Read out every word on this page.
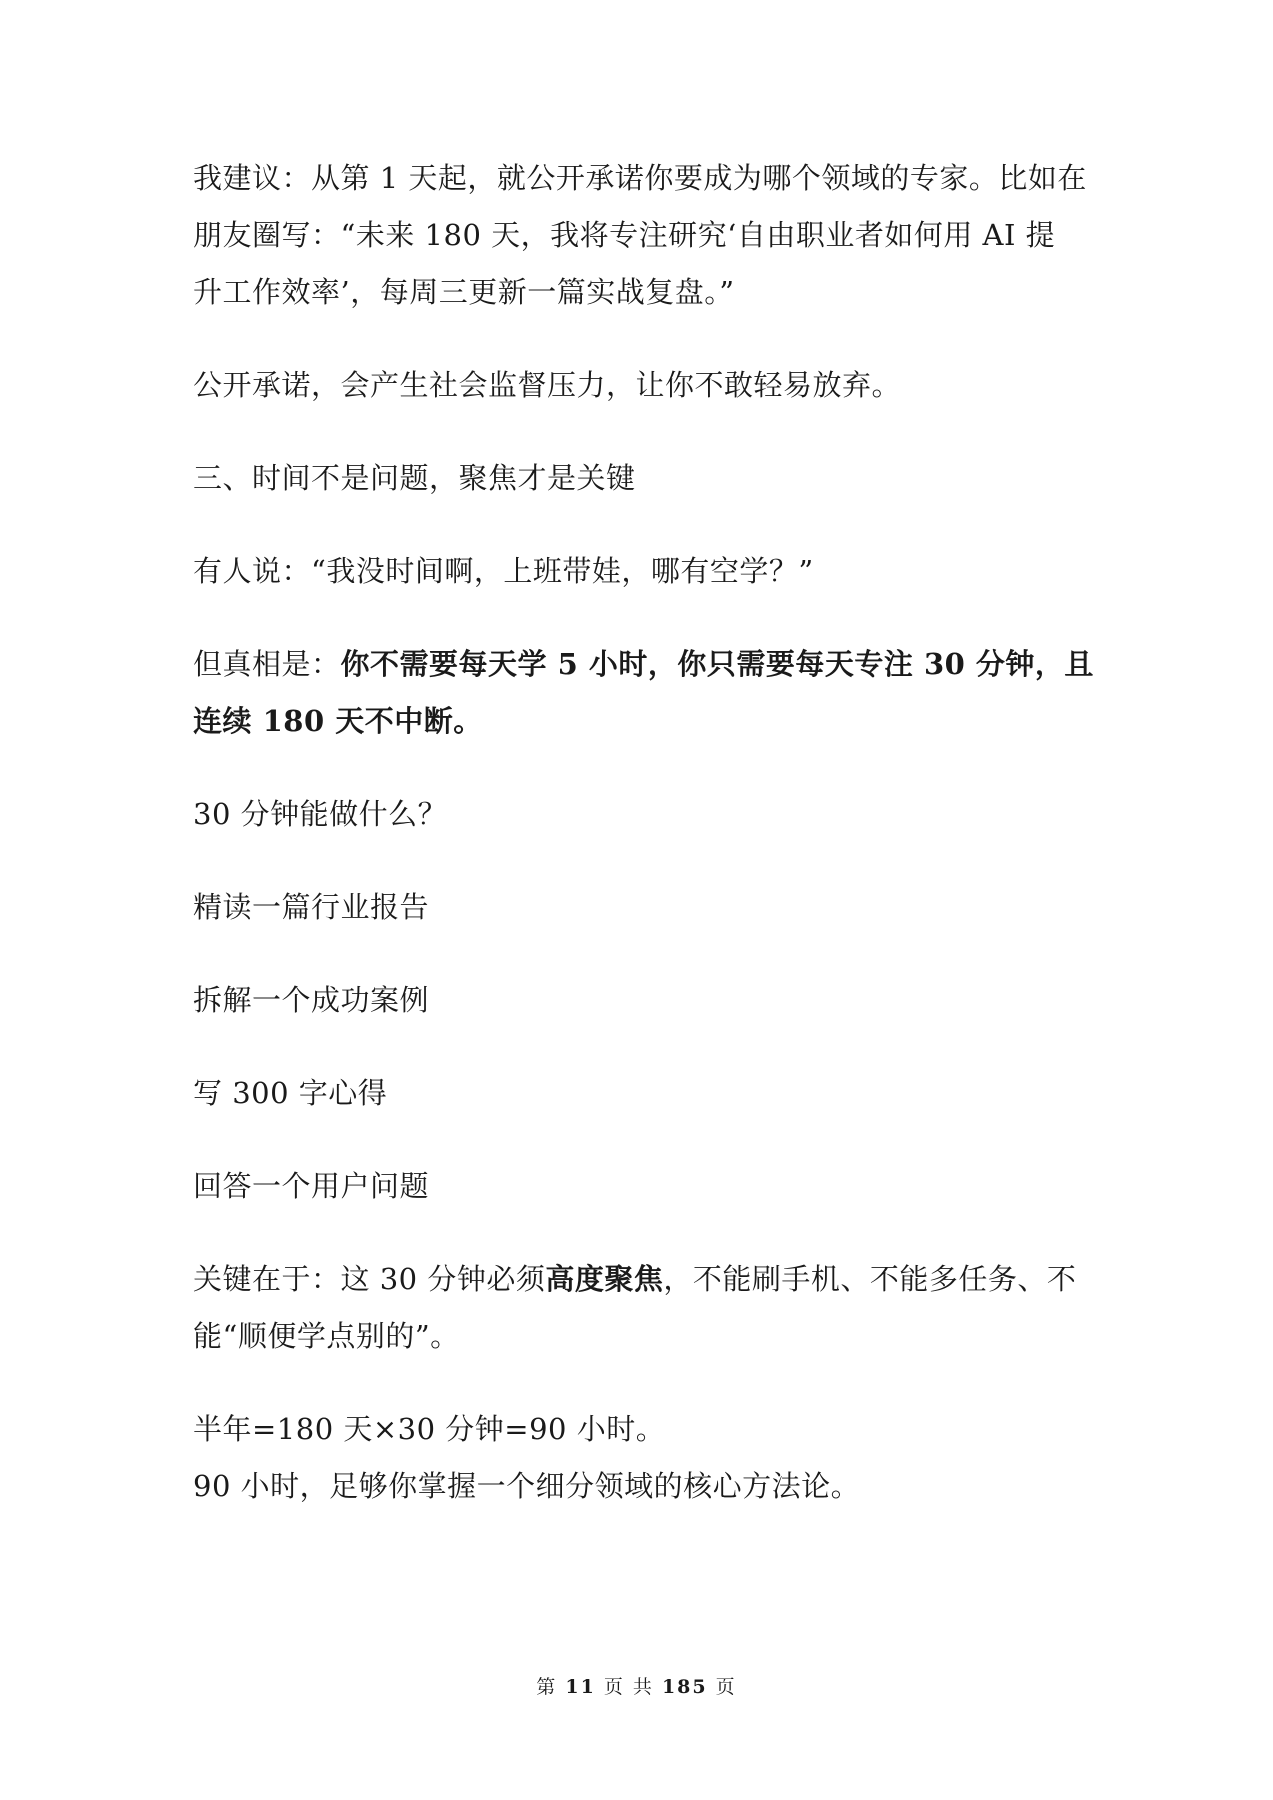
我建议：从第 1 天起，就公开承诺你要成为哪个领域的专家。比如在
朋友圈写：“未来 180 天，我将专注研究‘自由职业者如何用 AI 提
升工作效率’，每周三更新一篇实战复盘。”

公开承诺，会产生社会监督压力，让你不敢轻易放弃。

三、时间不是问题，聚焦才是关键

有人说：“我没时间啊，上班带娃，哪有空学？”

但真相是：你不需要每天学 5 小时，你只需要每天专注 30 分钟，且
连续 180 天不中断。

30 分钟能做什么？

精读一篇行业报告

拆解一个成功案例

写 300 字心得

回答一个用户问题

关键在于：这 30 分钟必须高度聚焦，不能刷手机、不能多任务、不
能“顺便学点别的”。

半年=180 天×30 分钟=90 小时。
90 小时，足够你掌握一个细分领域的核心方法论。

第 11 页 共 185 页
